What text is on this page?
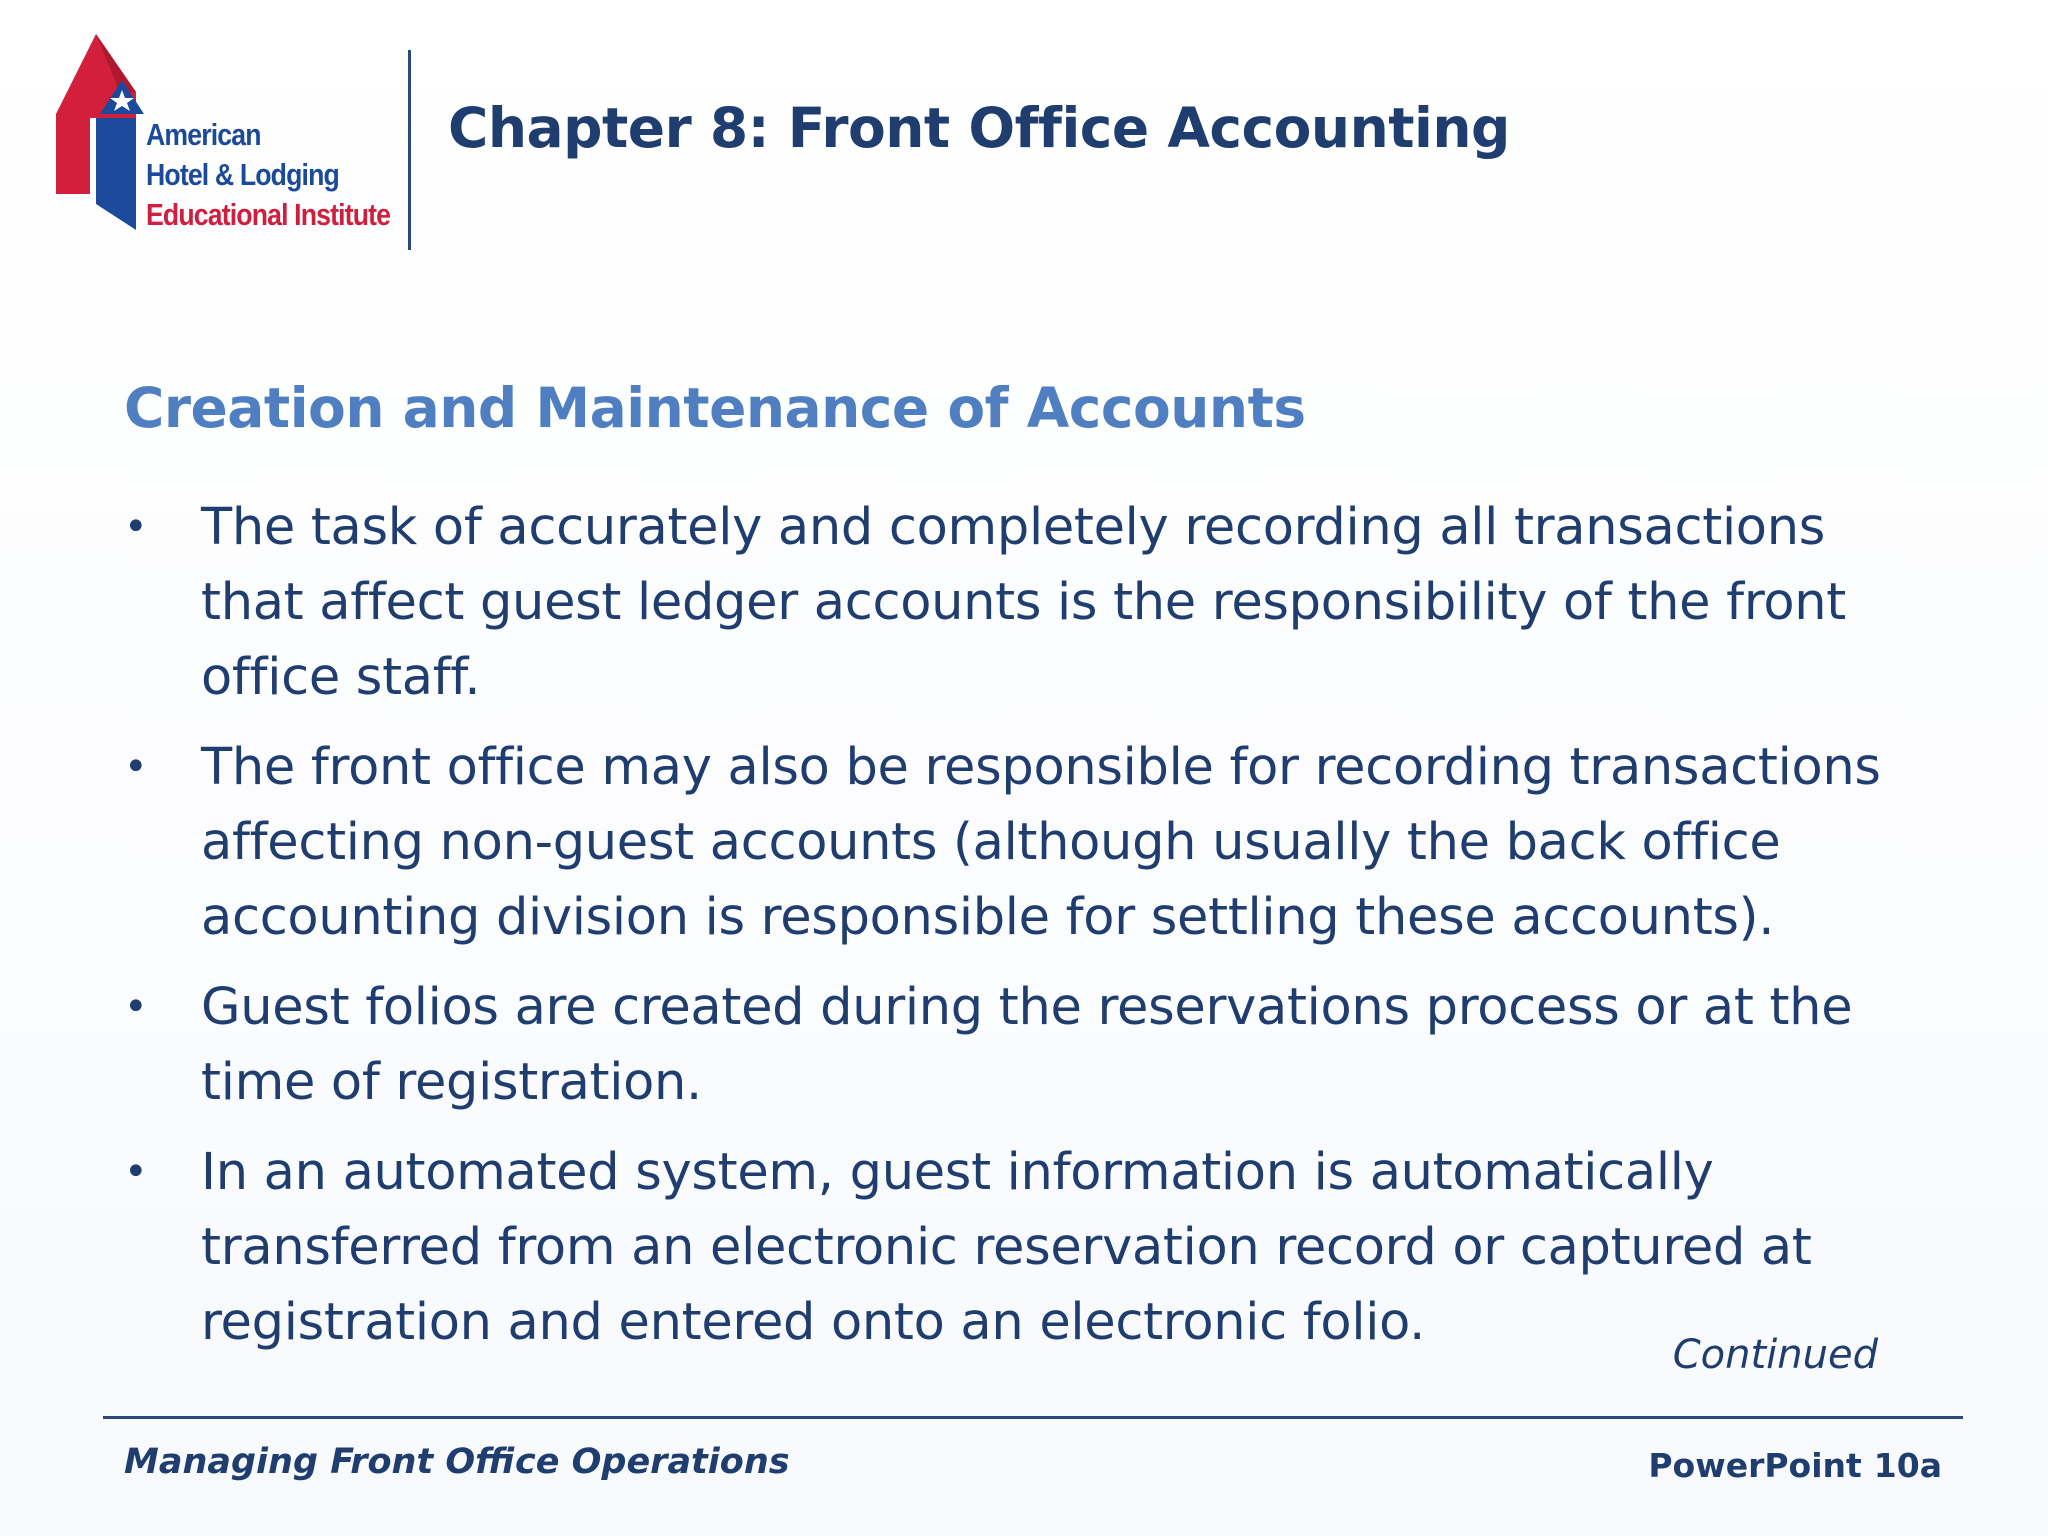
American
Hotel & Lodging
Educational Institute
Chapter 8: Front Office Accounting
Creation and Maintenance of Accounts
• The task of accurately and completely recording all transactions that affect guest ledger accounts is the responsibility of the front office staff.
• The front office may also be responsible for recording transactions affecting non-guest accounts (although usually the back office accounting division is responsible for settling these accounts).
• Guest folios are created during the reservations process or at the time of registration.
• In an automated system, guest information is automatically transferred from an electronic reservation record or captured at registration and entered onto an electronic folio.
Continued
Managing Front Office Operations	PowerPoint 10a
